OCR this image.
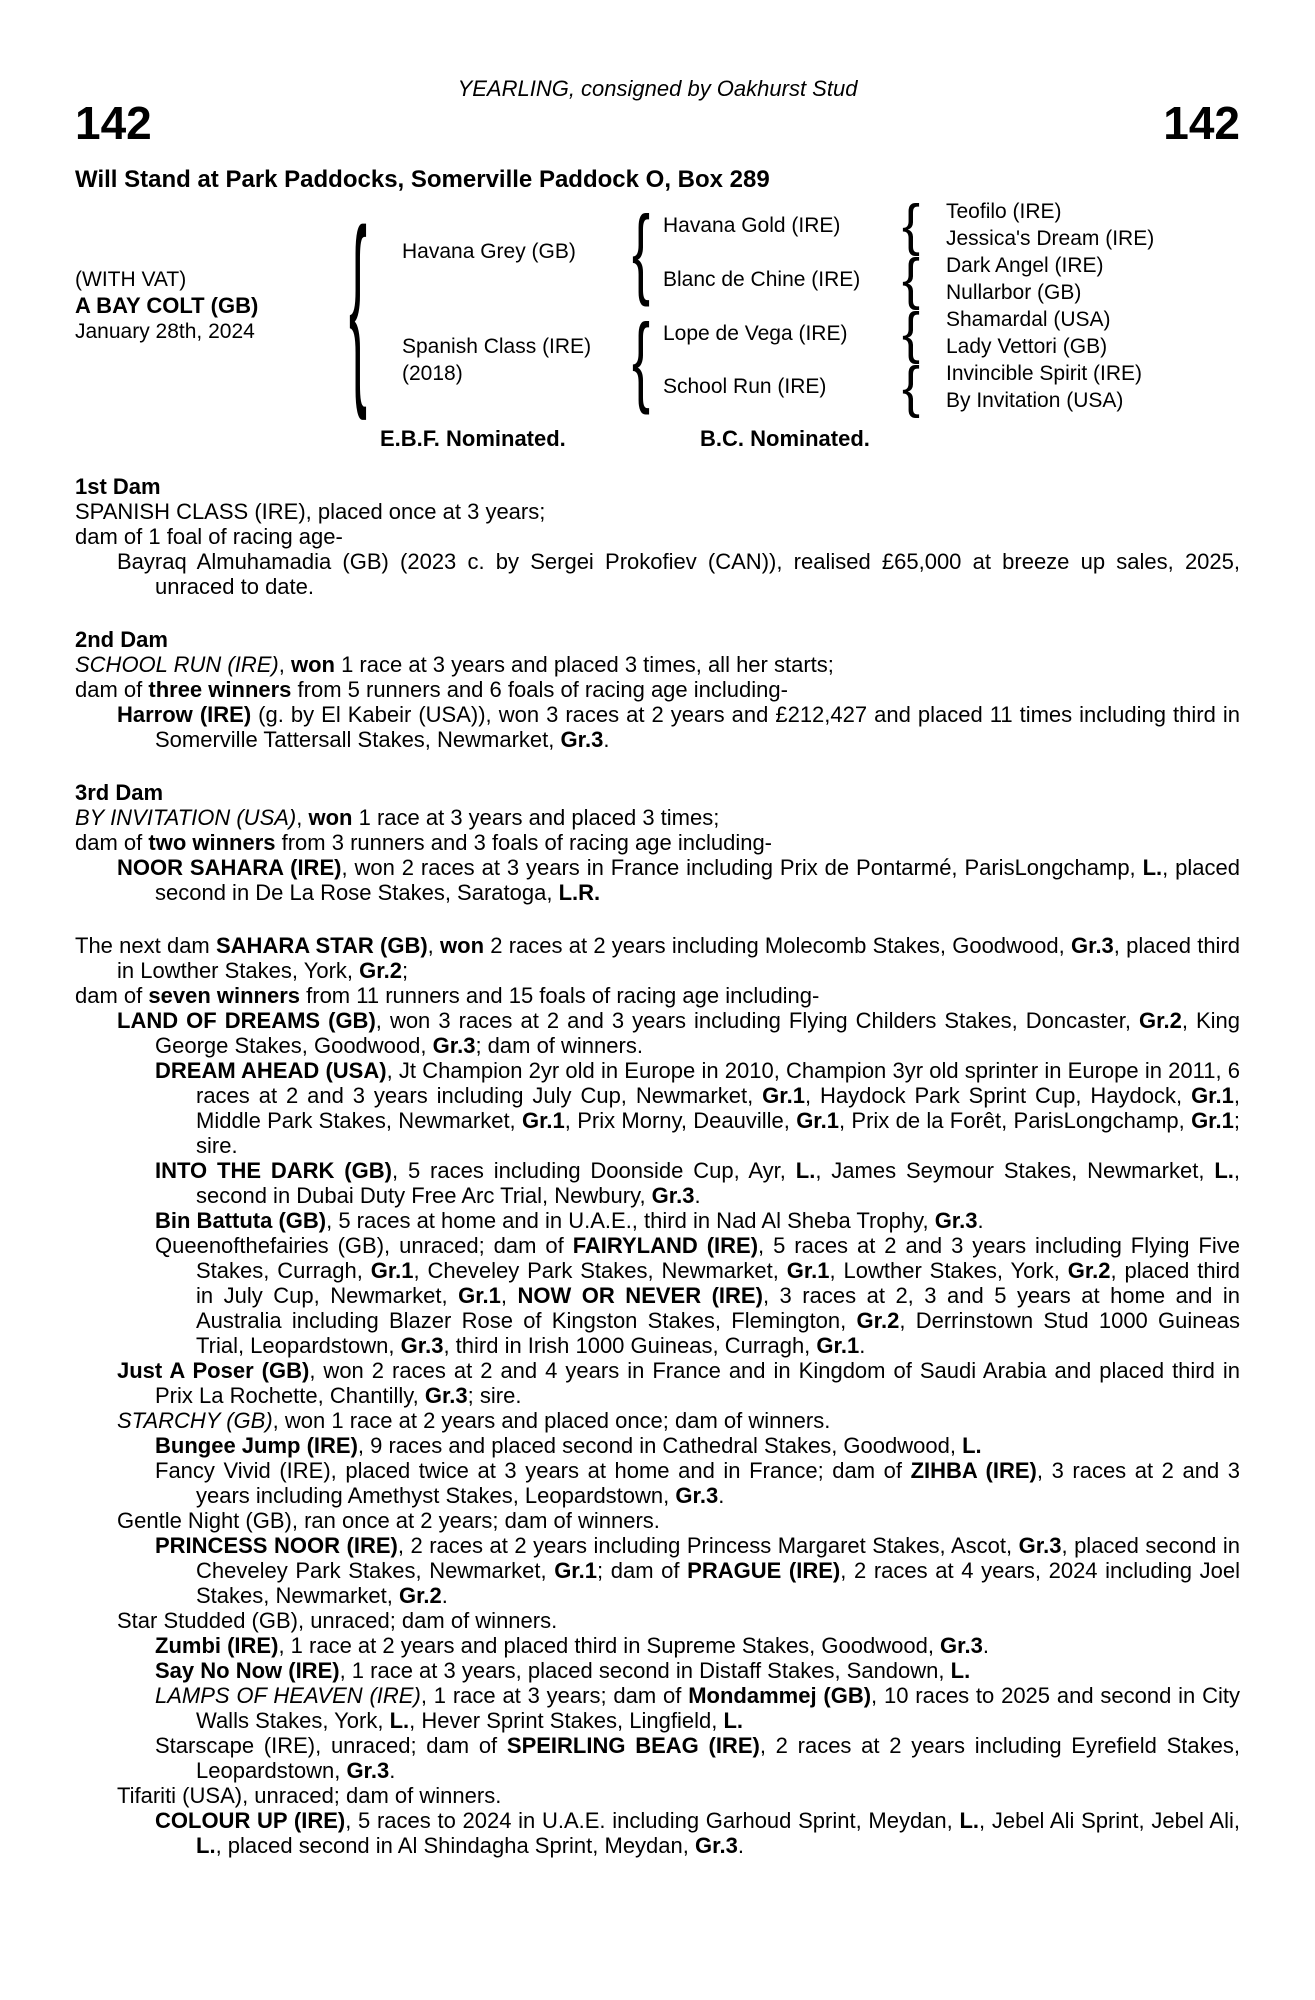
YEARLING, consigned by Oakhurst Stud
142	142
Will Stand at Park Paddocks, Somerville Paddock O, Box 289
(WITH VAT)
A BAY COLT (GB)
January 28th, 2024 { Havana Grey (GB)
Spanish Class (IRE)
(2018)
{
{
Havana Gold (IRE)
Blanc de Chine (IRE)
Lope de Vega (IRE)
School Run (IRE)
{
{
{
{
Teofilo (IRE)
Jessica's Dream (IRE)
Dark Angel (IRE)
Nullarbor (GB)
Shamardal (USA)
Lady Vettori (GB)
Invincible Spirit (IRE)
By Invitation (USA)
E.B.F. Nominated.	B.C. Nominated.

1st Dam

SPANISH CLASS (IRE), placed once at 3 years;

dam of 1 foal of racing age-

Bayraq Almuhamadia (GB) (2023 c. by Sergei Prokofiev (CAN)), realised £65,000 at breeze up sales, 2025, unraced to date.

2nd Dam

SCHOOL RUN (IRE), won 1 race at 3 years and placed 3 times, all her starts;

dam of three winners from 5 runners and 6 foals of racing age including-

Harrow (IRE) (g. by El Kabeir (USA)), won 3 races at 2 years and £212,427 and placed 11 times including third in Somerville Tattersall Stakes, Newmarket, Gr.3.

3rd Dam

BY INVITATION (USA), won 1 race at 3 years and placed 3 times;

dam of two winners from 3 runners and 3 foals of racing age including-

NOOR SAHARA (IRE), won 2 races at 3 years in France including Prix de Pontarmé, ParisLongchamp, L., placed second in De La Rose Stakes, Saratoga, L.R.

The next dam SAHARA STAR (GB), won 2 races at 2 years including Molecomb Stakes, Goodwood, Gr.3, placed third in Lowther Stakes, York, Gr.2;

dam of seven winners from 11 runners and 15 foals of racing age including-

LAND OF DREAMS (GB), won 3 races at 2 and 3 years including Flying Childers Stakes, Doncaster, Gr.2, King George Stakes, Goodwood, Gr.3; dam of winners.

DREAM AHEAD (USA), Jt Champion 2yr old in Europe in 2010, Champion 3yr old sprinter in Europe in 2011, 6 races at 2 and 3 years including July Cup, Newmarket, Gr.1, Haydock Park Sprint Cup, Haydock, Gr.1, Middle Park Stakes, Newmarket, Gr.1, Prix Morny, Deauville, Gr.1, Prix de la Forêt, ParisLongchamp, Gr.1; sire.

INTO THE DARK (GB), 5 races including Doonside Cup, Ayr, L., James Seymour Stakes, Newmarket, L., second in Dubai Duty Free Arc Trial, Newbury, Gr.3.

Bin Battuta (GB), 5 races at home and in U.A.E., third in Nad Al Sheba Trophy, Gr.3.

Queenofthefairies (GB), unraced; dam of FAIRYLAND (IRE), 5 races at 2 and 3 years including Flying Five Stakes, Curragh, Gr.1, Cheveley Park Stakes, Newmarket, Gr.1, Lowther Stakes, York, Gr.2, placed third in July Cup, Newmarket, Gr.1, NOW OR NEVER (IRE), 3 races at 2, 3 and 5 years at home and in Australia including Blazer Rose of Kingston Stakes, Flemington, Gr.2, Derrinstown Stud 1000 Guineas Trial, Leopardstown, Gr.3, third in Irish 1000 Guineas, Curragh, Gr.1.

Just A Poser (GB), won 2 races at 2 and 4 years in France and in Kingdom of Saudi Arabia and placed third in Prix La Rochette, Chantilly, Gr.3; sire.

STARCHY (GB), won 1 race at 2 years and placed once; dam of winners.

Bungee Jump (IRE), 9 races and placed second in Cathedral Stakes, Goodwood, L.

Fancy Vivid (IRE), placed twice at 3 years at home and in France; dam of ZIHBA (IRE), 3 races at 2 and 3 years including Amethyst Stakes, Leopardstown, Gr.3.

Gentle Night (GB), ran once at 2 years; dam of winners.

PRINCESS NOOR (IRE), 2 races at 2 years including Princess Margaret Stakes, Ascot, Gr.3, placed second in Cheveley Park Stakes, Newmarket, Gr.1; dam of PRAGUE (IRE), 2 races at 4 years, 2024 including Joel Stakes, Newmarket, Gr.2.

Star Studded (GB), unraced; dam of winners.

Zumbi (IRE), 1 race at 2 years and placed third in Supreme Stakes, Goodwood, Gr.3.

Say No Now (IRE), 1 race at 3 years, placed second in Distaff Stakes, Sandown, L.

LAMPS OF HEAVEN (IRE), 1 race at 3 years; dam of Mondammej (GB), 10 races to 2025 and second in City Walls Stakes, York, L., Hever Sprint Stakes, Lingfield, L.

Starscape (IRE), unraced; dam of SPEIRLING BEAG (IRE), 2 races at 2 years including Eyrefield Stakes, Leopardstown, Gr.3.

Tifariti (USA), unraced; dam of winners.

COLOUR UP (IRE), 5 races to 2024 in U.A.E. including Garhoud Sprint, Meydan, L., Jebel Ali Sprint, Jebel Ali, L., placed second in Al Shindagha Sprint, Meydan, Gr.3.
